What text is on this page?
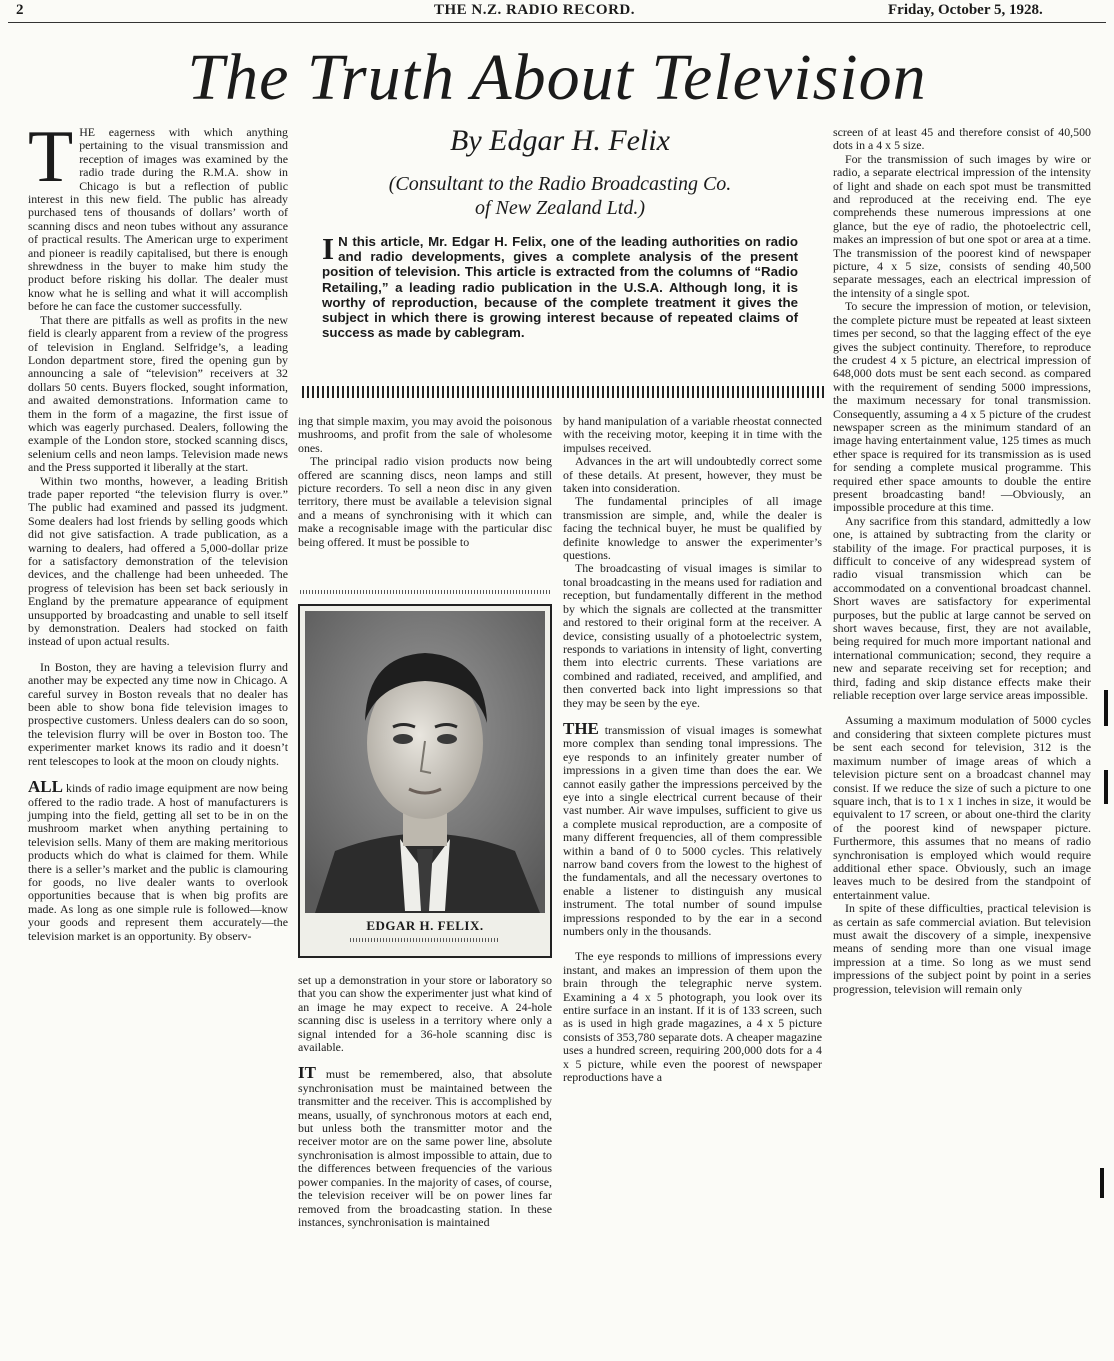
2	THE N.Z. RADIO RECORD.	Friday, October 5, 1928.
The Truth About Television

THE eagerness with which anything pertaining to the visual transmission and reception of images was examined by the radio trade during the R.M.A. show in Chicago is but a reflection of public interest in this new field. The public has already purchased tens of thousands of dollars’ worth of scanning discs and neon tubes without any assurance of practical results. The American urge to experiment and pioneer is readily capitalised, but there is enough shrewdness in the buyer to make him study the product before risking his dollar. The dealer must know what he is selling and what it will accomplish before he can face the customer successfully.

That there are pitfalls as well as profits in the new field is clearly apparent from a review of the progress of television in England. Selfridge’s, a leading London department store, fired the opening gun by announcing a sale of “television” receivers at 32 dollars 50 cents. Buyers flocked, sought information, and awaited demonstrations. Information came to them in the form of a magazine, the first issue of which was eagerly purchased. Dealers, following the example of the London store, stocked scanning discs, selenium cells and neon lamps. Television made news and the Press supported it liberally at the start.

Within two months, however, a leading British trade paper reported “the television flurry is over.” The public had examined and passed its judgment. Some dealers had lost friends by selling goods which did not give satisfaction. A trade publication, as a warning to dealers, had offered a 5,000-dollar prize for a satisfactory demonstration of the television devices, and the challenge had been unheeded. The progress of television has been set back seriously in England by the premature appearance of equipment unsupported by broadcasting and unable to sell itself by demonstration. Dealers had stocked on faith instead of upon actual results.

In Boston, they are having a television flurry and another may be expected any time now in Chicago. A careful survey in Boston reveals that no dealer has been able to show bona fide television images to prospective customers. Unless dealers can do so soon, the television flurry will be over in Boston too. The experimenter market knows its radio and it doesn’t rent telescopes to look at the moon on cloudy nights.

ALL kinds of radio image equipment are now being offered to the radio trade. A host of manufacturers is jumping into the field, getting all set to be in on the mushroom market when anything pertaining to television sells. Many of them are making meritorious products which do what is claimed for them. While there is a seller’s market and the public is clamouring for goods, no live dealer wants to overlook opportunities because that is when big profits are made. As long as one simple rule is followed—know your goods and represent them accurately—the television market is an opportunity. By observ-

By Edgar H. Felix
(Consultant to the Radio Broadcasting Co.
of New Zealand Ltd.)
I N this article, Mr. Edgar H. Felix, one of the leading authorities on radio and radio developments, gives a complete analysis of the present position of television. This article is extracted from the columns of “Radio Retailing,” a leading radio publication in the U.S.A. Although long, it is worthy of reproduction, because of the complete treatment it gives the subject in which there is growing interest because of repeated claims of success as made by cablegram.

ing that simple maxim, you may avoid the poisonous mushrooms, and profit from the sale of wholesome ones.

The principal radio vision products now being offered are scanning discs, neon lamps and still picture recorders. To sell a neon disc in any given territory, there must be available a television signal and a means of synchronising with it which can make a recognisable image with the particular disc being offered. It must be possible to

EDGAR H. FELIX.

set up a demonstration in your store or laboratory so that you can show the experimenter just what kind of an image he may expect to receive. A 24-hole scanning disc is useless in a territory where only a signal intended for a 36-hole scanning disc is available.

IT must be remembered, also, that absolute synchronisation must be maintained between the transmitter and the receiver. This is accomplished by means, usually, of synchronous motors at each end, but unless both the transmitter motor and the receiver motor are on the same power line, absolute synchronisation is almost impossible to attain, due to the differences between frequencies of the various power companies. In the majority of cases, of course, the television receiver will be on power lines far removed from the broadcasting station. In these instances, synchronisation is maintained

by hand manipulation of a variable rheostat connected with the receiving motor, keeping it in time with the impulses received.

Advances in the art will undoubtedly correct some of these details. At present, however, they must be taken into consideration.

The fundamental principles of all image transmission are simple, and, while the dealer is facing the technical buyer, he must be qualified by definite knowledge to answer the experimenter’s questions.

The broadcasting of visual images is similar to tonal broadcasting in the means used for radiation and reception, but fundamentally different in the method by which the signals are collected at the transmitter and restored to their original form at the receiver. A device, consisting usually of a photoelectric system, responds to variations in intensity of light, converting them into electric currents. These variations are combined and radiated, received, and amplified, and then converted back into light impressions so that they may be seen by the eye.

THE transmission of visual images is somewhat more complex than sending tonal impressions. The eye responds to an infinitely greater number of impressions in a given time than does the ear. We cannot easily gather the impressions perceived by the eye into a single electrical current because of their vast number. Air wave impulses, sufficient to give us a complete musical reproduction, are a composite of many different frequencies, all of them compressible within a band of 0 to 5000 cycles. This relatively narrow band covers from the lowest to the highest of the fundamentals, and all the necessary overtones to enable a listener to distinguish any musical instrument. The total number of sound impulse impressions responded to by the ear in a second numbers only in the thousands.

The eye responds to millions of impressions every instant, and makes an impression of them upon the brain through the telegraphic nerve system. Examining a 4 x 5 photograph, you look over its entire surface in an instant. If it is of 133 screen, such as is used in high grade magazines, a 4 x 5 picture consists of 353,780 separate dots. A cheaper magazine uses a hundred screen, requiring 200,000 dots for a 4 x 5 picture, while even the poorest of newspaper reproductions have a

screen of at least 45 and therefore consist of 40,500 dots in a 4 x 5 size.

For the transmission of such images by wire or radio, a separate electrical impression of the intensity of light and shade on each spot must be transmitted and reproduced at the receiving end. The eye comprehends these numerous impressions at one glance, but the eye of radio, the photoelectric cell, makes an impression of but one spot or area at a time. The transmission of the poorest kind of newspaper picture, 4 x 5 size, consists of sending 40,500 separate messages, each an electrical impression of the intensity of a single spot.

To secure the impression of motion, or television, the complete picture must be repeated at least sixteen times per second, so that the lagging effect of the eye gives the subject continuity. Therefore, to reproduce the crudest 4 x 5 picture, an electrical impression of 648,000 dots must be sent each second. as compared with the requirement of sending 5000 impressions, the maximum necessary for tonal transmission. Consequently, assuming a 4 x 5 picture of the crudest newspaper screen as the minimum standard of an image having entertainment value, 125 times as much ether space is required for its transmission as is used for sending a complete musical programme. This required ether space amounts to double the entire present broadcasting band! —Obviously, an impossible procedure at this time.

Any sacrifice from this standard, admittedly a low one, is attained by subtracting from the clarity or stability of the image. For practical purposes, it is difficult to conceive of any widespread system of radio visual transmission which can be accommodated on a conventional broadcast channel. Short waves are satisfactory for experimental purposes, but the public at large cannot be served on short waves because, first, they are not available, being required for much more important national and international communication; second, they require a new and separate receiving set for reception; and third, fading and skip distance effects make their reliable reception over large service areas impossible.

Assuming a maximum modulation of 5000 cycles and considering that sixteen complete pictures must be sent each second for television, 312 is the maximum number of image areas of which a television picture sent on a broadcast channel may consist. If we reduce the size of such a picture to one square inch, that is to 1 x 1 inches in size, it would be equivalent to 17 screen, or about one-third the clarity of the poorest kind of newspaper picture. Furthermore, this assumes that no means of radio synchronisation is employed which would require additional ether space. Obviously, such an image leaves much to be desired from the standpoint of entertainment value.

In spite of these difficulties, practical television is as certain as safe commercial aviation. But television must await the discovery of a simple, inexpensive means of sending more than one visual image impression at a time. So long as we must send impressions of the subject point by point in a series progression, television will remain only
